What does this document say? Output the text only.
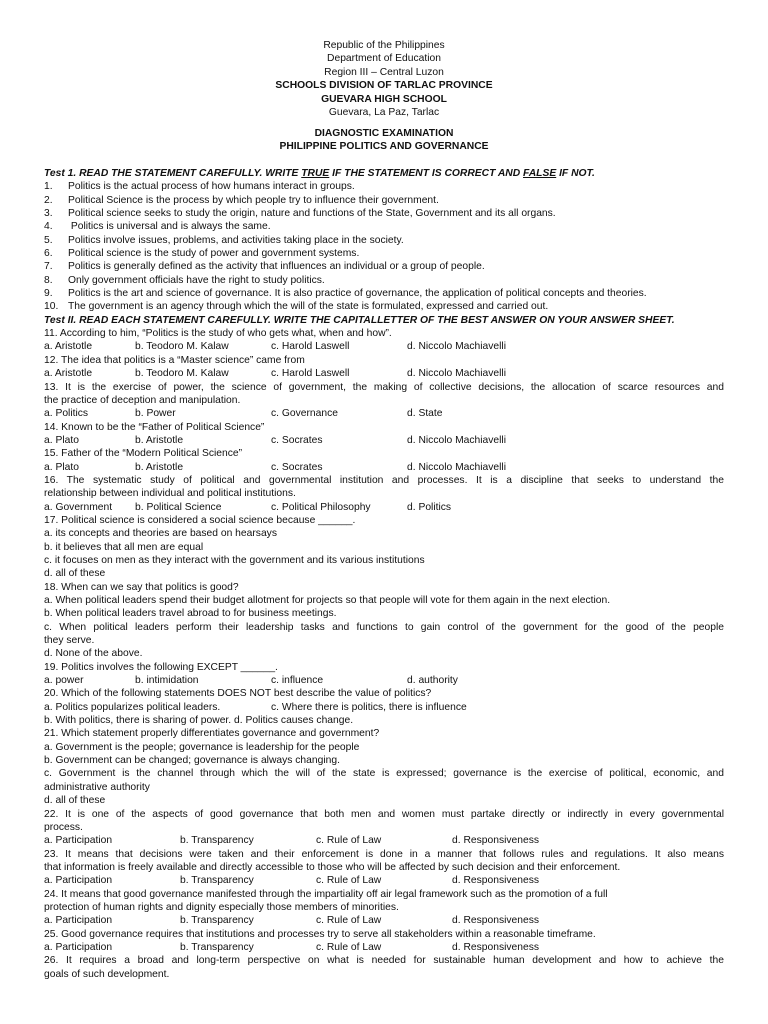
Republic of the Philippines
Department of Education
Region III – Central Luzon
SCHOOLS DIVISION OF TARLAC PROVINCE
GUEVARA HIGH SCHOOL
Guevara, La Paz, Tarlac
DIAGNOSTIC EXAMINATION
PHILIPPINE POLITICS AND GOVERNANCE
Test 1. READ THE STATEMENT CAREFULLY. WRITE TRUE IF THE STATEMENT IS CORRECT AND FALSE IF NOT.
1. Politics is the actual process of how humans interact in groups.
2. Political Science is the process by which people try to influence their government.
3. Political science seeks to study the origin, nature and functions of the State, Government and its all organs.
4. Politics is universal and is always the same.
5. Politics involve issues, problems, and activities taking place in the society.
6. Political science is the study of power and government systems.
7. Politics is generally defined as the activity that influences an individual or a group of people.
8. Only government officials have the right to study politics.
9. Politics is the art and science of governance. It is also practice of governance, the application of political concepts and theories.
10. The government is an agency through which the will of the state is formulated, expressed and carried out.
Test II. READ EACH STATEMENT CAREFULLY. WRITE THE CAPITALLETTER OF THE BEST ANSWER ON YOUR ANSWER SHEET.
11. According to him, “Politics is the study of who gets what, when and how”.
a. Aristotle	b. Teodoro M. Kalaw	c. Harold Laswell	d. Niccolo Machiavelli
12. The idea that politics is a “Master science” came from
a. Aristotle	b. Teodoro M. Kalaw	c. Harold Laswell	d. Niccolo Machiavelli
13. It is the exercise of power, the science of government, the making of collective decisions, the allocation of scarce resources and
the practice of deception and manipulation.
a. Politics	b. Power	c. Governance	d. State
14. Known to be the “Father of Political Science”
a. Plato	b. Aristotle	c. Socrates	d. Niccolo Machiavelli
15. Father of the “Modern Political Science”
a. Plato	b. Aristotle	c. Socrates	d. Niccolo Machiavelli
16. The systematic study of political and governmental institution and processes. It is a discipline that seeks to understand the
relationship between individual and political institutions.
a. Government b. Political Science	c. Political Philosophy	d. Politics
17. Political science is considered a social science because ______.
a. its concepts and theories are based on hearsays
b. it believes that all men are equal
c. it focuses on men as they interact with the government and its various institutions
d. all of these
18. When can we say that politics is good?
a. When political leaders spend their budget allotment for projects so that people will vote for them again in the next election.
b. When political leaders travel abroad to for business meetings.
c. When political leaders perform their leadership tasks and functions to gain control of the government for the good of the people
they serve.
d. None of the above.
19. Politics involves the following EXCEPT ______.
a. power	b. intimidation	c. influence	d. authority
20. Which of the following statements DOES NOT best describe the value of politics?
a. Politics popularizes political leaders.	c. Where there is politics, there is influence
b. With politics, there is sharing of power. d. Politics causes change.
21. Which statement properly differentiates governance and government?
a. Government is the people; governance is leadership for the people
b. Government can be changed; governance is always changing.
c. Government is the channel through which the will of the state is expressed; governance is the exercise of political, economic, and
administrative authority
d. all of these
22. It is one of the aspects of good governance that both men and women must partake directly or indirectly in every governmental
process.
a. Participation	b. Transparency	c. Rule of Law	d. Responsiveness
23. It means that decisions were taken and their enforcement is done in a manner that follows rules and regulations. It also means
that information is freely available and directly accessible to those who will be affected by such decision and their enforcement.
a. Participation	b. Transparency	c. Rule of Law	d. Responsiveness
24. It means that good governance manifested through the impartiality off air legal framework such as the promotion of a full
protection of human rights and dignity especially those members of minorities.
a. Participation	b. Transparency	c. Rule of Law	d. Responsiveness
25. Good governance requires that institutions and processes try to serve all stakeholders within a reasonable timeframe.
a. Participation	b. Transparency	c. Rule of Law	d. Responsiveness
26. It requires a broad and long-term perspective on what is needed for sustainable human development and how to achieve the
goals of such development.
